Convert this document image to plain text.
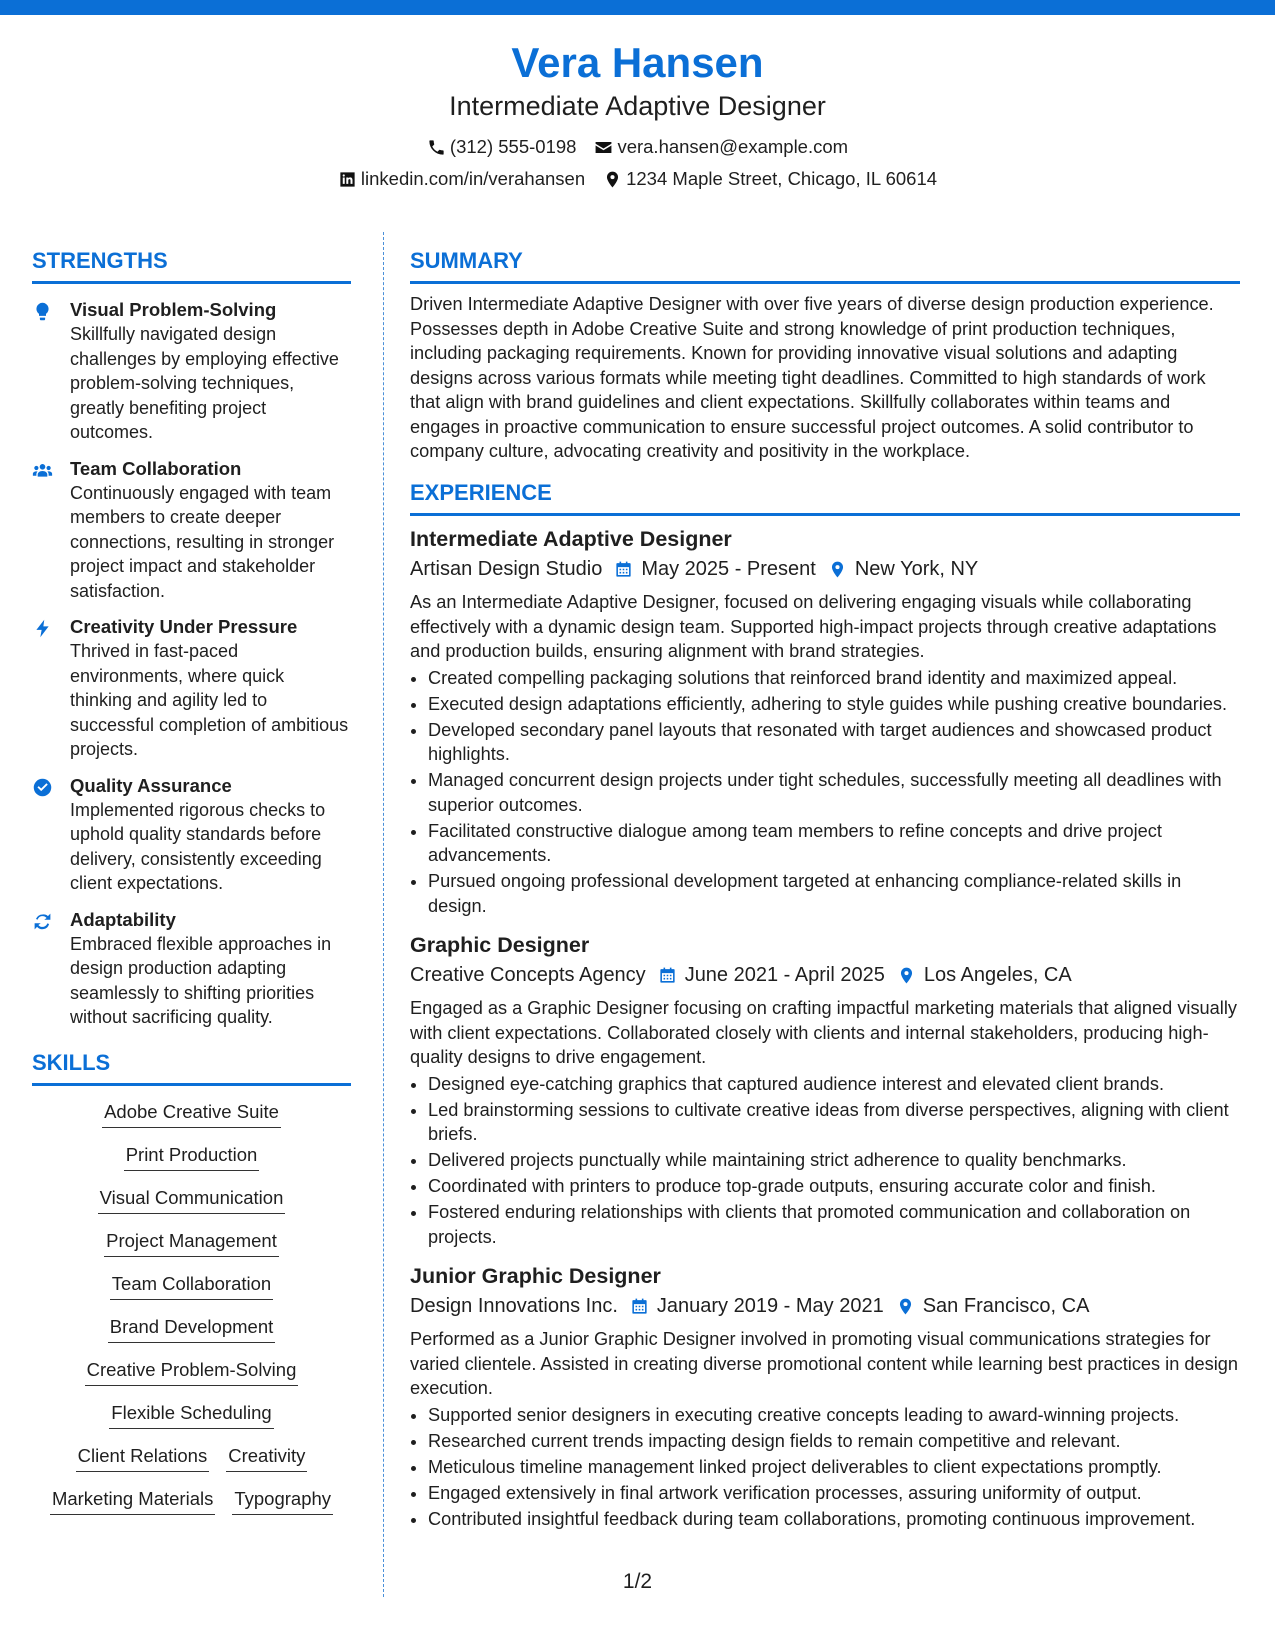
Vera Hansen
Intermediate Adaptive Designer
(312) 555-0198 vera.hansen@example.com
linkedin.com/in/verahansen 1234 Maple Street, Chicago, IL 60614
STRENGTHS
Visual Problem-Solving
Skillfully navigated design challenges by employing effective problem-solving techniques, greatly benefiting project outcomes.
Team Collaboration
Continuously engaged with team members to create deeper connections, resulting in stronger project impact and stakeholder satisfaction.
Creativity Under Pressure
Thrived in fast-paced environments, where quick thinking and agility led to successful completion of ambitious projects.
Quality Assurance
Implemented rigorous checks to uphold quality standards before delivery, consistently exceeding client expectations.
Adaptability
Embraced flexible approaches in design production adapting seamlessly to shifting priorities without sacrificing quality.
SKILLS
Adobe Creative Suite
Print Production
Visual Communication
Project Management
Team Collaboration
Brand Development
Creative Problem-Solving
Flexible Scheduling
Client Relations Creativity
Marketing Materials Typography
SUMMARY
Driven Intermediate Adaptive Designer with over five years of diverse design production experience. Possesses depth in Adobe Creative Suite and strong knowledge of print production techniques, including packaging requirements. Known for providing innovative visual solutions and adapting designs across various formats while meeting tight deadlines. Committed to high standards of work that align with brand guidelines and client expectations. Skillfully collaborates within teams and engages in proactive communication to ensure successful project outcomes. A solid contributor to company culture, advocating creativity and positivity in the workplace.
EXPERIENCE
Intermediate Adaptive Designer
Artisan Design Studio May 2025 - Present New York, NY
As an Intermediate Adaptive Designer, focused on delivering engaging visuals while collaborating effectively with a dynamic design team. Supported high-impact projects through creative adaptations and production builds, ensuring alignment with brand strategies.
• Created compelling packaging solutions that reinforced brand identity and maximized appeal.
• Executed design adaptations efficiently, adhering to style guides while pushing creative boundaries.
• Developed secondary panel layouts that resonated with target audiences and showcased product highlights.
• Managed concurrent design projects under tight schedules, successfully meeting all deadlines with superior outcomes.
• Facilitated constructive dialogue among team members to refine concepts and drive project advancements.
• Pursued ongoing professional development targeted at enhancing compliance-related skills in design.
Graphic Designer
Creative Concepts Agency June 2021 - April 2025 Los Angeles, CA
Engaged as a Graphic Designer focusing on crafting impactful marketing materials that aligned visually with client expectations. Collaborated closely with clients and internal stakeholders, producing high-quality designs to drive engagement.
• Designed eye-catching graphics that captured audience interest and elevated client brands.
• Led brainstorming sessions to cultivate creative ideas from diverse perspectives, aligning with client briefs.
• Delivered projects punctually while maintaining strict adherence to quality benchmarks.
• Coordinated with printers to produce top-grade outputs, ensuring accurate color and finish.
• Fostered enduring relationships with clients that promoted communication and collaboration on projects.
Junior Graphic Designer
Design Innovations Inc. January 2019 - May 2021 San Francisco, CA
Performed as a Junior Graphic Designer involved in promoting visual communications strategies for varied clientele. Assisted in creating diverse promotional content while learning best practices in design execution.
• Supported senior designers in executing creative concepts leading to award-winning projects.
• Researched current trends impacting design fields to remain competitive and relevant.
• Meticulous timeline management linked project deliverables to client expectations promptly.
• Engaged extensively in final artwork verification processes, assuring uniformity of output.
• Contributed insightful feedback during team collaborations, promoting continuous improvement.
1/2
